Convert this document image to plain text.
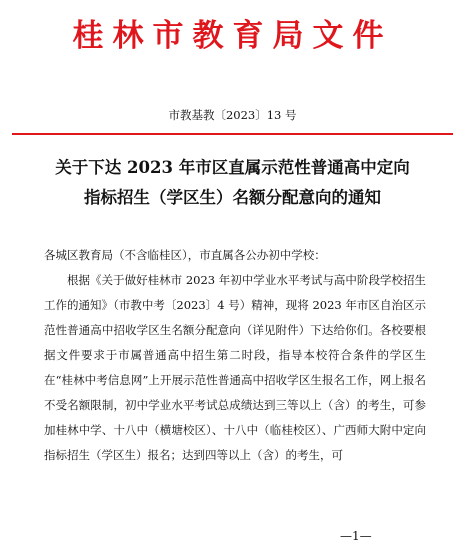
桂林市教育局文件
市教基教〔2023〕13 号
关于下达 2023 年市区直属示范性普通高中定向
指标招生（学区生）名额分配意向的通知

各城区教育局（不含临桂区），市直属各公办初中学校：

根据《关于做好桂林市 2023 年初中学业水平考试与高中阶段学校招生工作的通知》（市教中考〔2023〕4 号）精神，现将 2023 年市区自治区示范性普通高中招收学区生名额分配意向（详见附件）下达给你们。各校要根据文件要求于市属普通高中招生第二时段，指导本校符合条件的学区生在“桂林中考信息网”上开展示范性普通高中招收学区生报名工作，网上报名不受名额限制，初中学业水平考试总成绩达到三等以上（含）的考生，可参加桂林中学、十八中（横塘校区）、十八中（临桂校区）、广西师大附中定向指标招生（学区生）报名；达到四等以上（含）的考生，可

—1—
